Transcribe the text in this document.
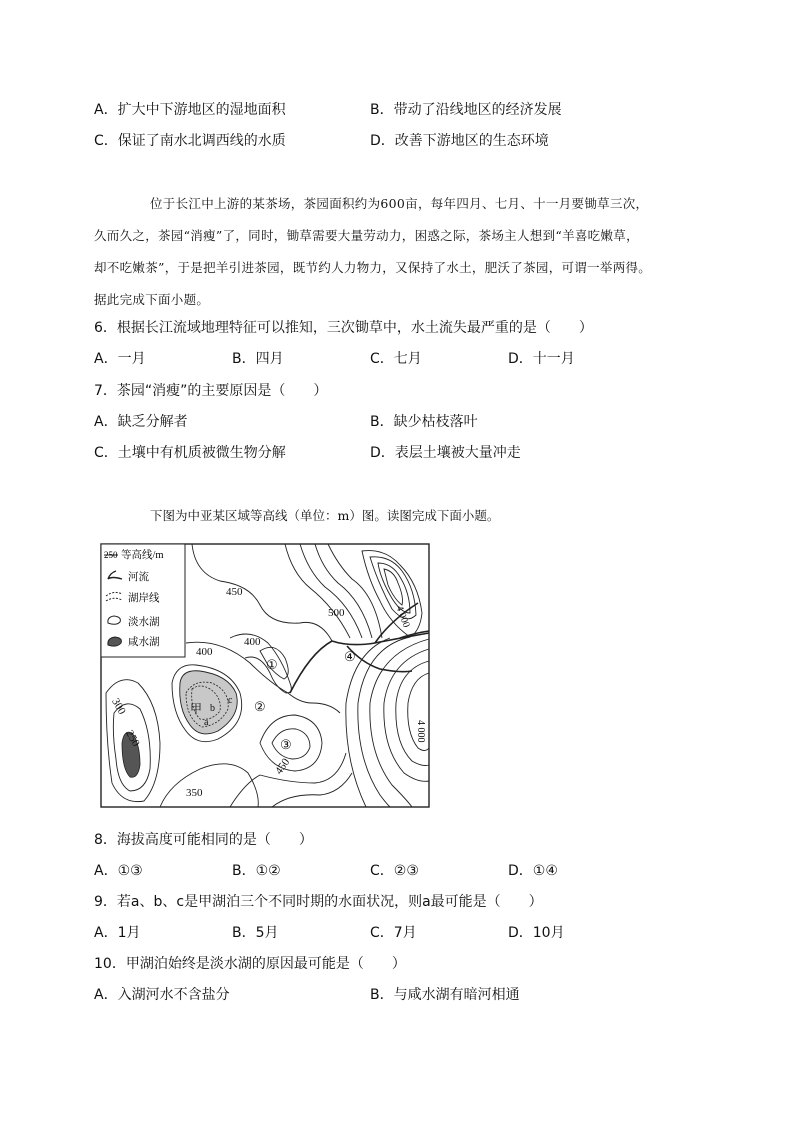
A．扩大中下游地区的湿地面积	B．带动了沿线地区的经济发展
C．保证了南水北调西线的水质	D．改善下游地区的生态环境
位于长江中上游的某茶场，茶园面积约为600亩，每年四月、七月、十一月要锄草三次，
久而久之，茶园“消瘦”了，同时，锄草需要大量劳动力，困惑之际，茶场主人想到“羊喜吃嫩草，
却不吃嫩茶”，于是把羊引进茶园，既节约人力物力，又保持了水土，肥沃了茶园，可谓一举两得。
据此完成下面小题。
6．根据长江流域地理特征可以推知，三次锄草中，水土流失最严重的是（　　）
A．一月	B．四月	C．七月	D．十一月
7．茶园“消瘦”的主要原因是（　　）
A．缺乏分解者	B．缺少枯枝落叶
C．土壤中有机质被微生物分解	D．表层土壤被大量冲走
下图为中亚某区域等高线（单位：m）图。读图完成下面小题。
250 等高线/m
河流
湖岸线
淡水湖
咸水湖
450
500	4 000
400
400
300
250
450
350
4 000
①
②
③
④
甲
a
b
c
8．海拔高度可能相同的是（　　）
A．①③	B．①②	C．②③	D．①④
9．若a、b、c是甲湖泊三个不同时期的水面状况，则a最可能是（　　）
A．1月	B．5月	C．7月	D．10月
10．甲湖泊始终是淡水湖的原因最可能是（　　）
A．入湖河水不含盐分	B．与咸水湖有暗河相通
